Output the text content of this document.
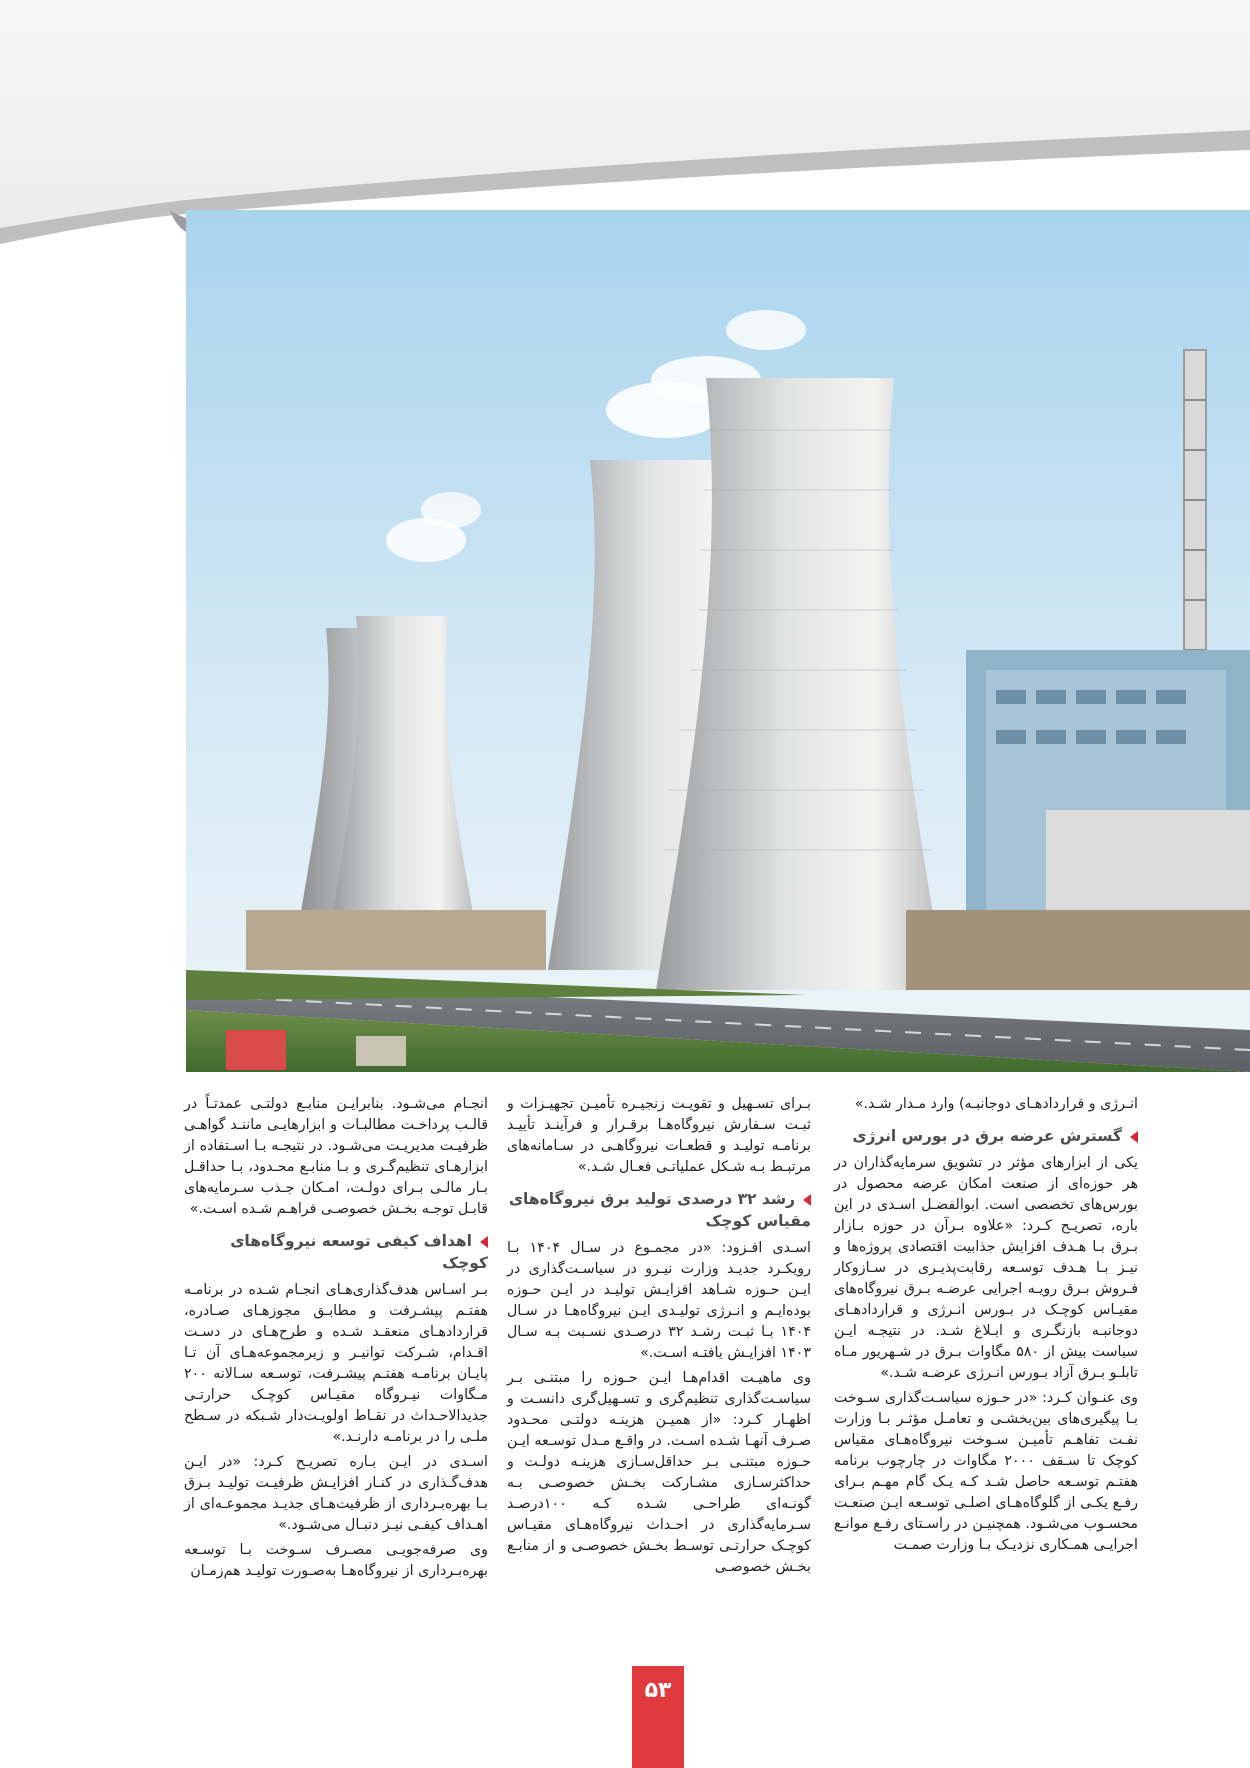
انـرژی و قراردادهـای دوجانبـه) وارد مـدار شـد.»

گسترش عرضه برق در بورس انرژی

یکی از ابزارهای مؤثر در تشویق سرمایه‌گذاران در هر حوزه‌ای از صنعت امکان عرضه محصول در بورس‌های تخصصی است. ابوالفضـل اسـدی در این باره، تصریـح کـرد: «علاوه بـرآن در حوزه بـازار بـرق بـا هـدف افزایش جذابیت اقتصادی پروژه‌ها و نیـز بـا هـدف توسـعه رقابت‌پذیـری در سـازوکار فـروش بـرق رویـه اجرایی عرضـه بـرق نیروگاه‌های مقیـاس کوچـک در بـورس انـرژی و قراردادهـای دوجانبـه بازنگـری و ابـلاغ شـد. در نتیجـه ایـن سیاست بیش از ۵۸۰ مگاوات بـرق در شـهریور مـاه تابلـو بـرق آزاد بـورس انـرژی عرضـه شـد.»

وی عنـوان کـرد: «در حـوزه سیاسـت‌گذاری سـوخت بـا پیگیری‌های بین‌بخشـی و تعامـل مؤثـر بـا وزارت نفـت تفاهـم تأمیـن سـوخت نیروگاه‌هـای مقیاس کوچک تا سـقف ۲۰۰۰ مگاوات در چارچوب برنامه هفتـم توسـعه حاصل شـد کـه یـک گام مهـم بـرای رفـع یکـی از گلوگاه‌هـای اصلـی توسـعه ایـن صنعـت محسـوب می‌شـود. همچنیـن در راسـتای رفـع موانـع اجرایـی همـکاری نزدیـک بـا وزارت صمـت

بـرای تسـهیل و تقویـت زنجیـره تأمیـن تجهیـزات و ثبـت سـفارش نیروگاه‌هـا برقـرار و فرآینـد تأییـد برنامـه تولیـد و قطعـات نیروگاهـی در سـامانه‌های مرتبـط بـه شـکل عملیاتـی فعـال شـد.»

رشد ۳۲ درصدی تولید برق نیروگاه‌های مقیاس کوچک

اسـدی افـزود: «در مجمـوع در سـال ۱۴۰۴ بـا رویکـرد جدیـد وزارت نیـرو در سیاسـت‌گذاری در ایـن حـوزه شـاهد افزایـش تولیـد در ایـن حـوزه بوده‌ایـم و انـرژی تولیـدی ایـن نیروگاه‌هـا در سـال ۱۴۰۴ بـا ثبـت رشـد ۳۲ درصـدی نسـبت بـه سـال ۱۴۰۳ افزایـش یافتـه اسـت.»

وی ماهیـت اقدام‌هـا ایـن حـوزه را مبتنـی بـر سیاسـت‌گذاری تنظیم‌گری و تسـهیل‌گری دانسـت و اظهـار کـرد: «از همیـن هزینـه دولتـی محـدود صـرف آنهـا شـده اسـت. در واقـع مـدل توسـعه ایـن حـوزه مبتنـی بـر حداقل‌سـازی هزینـه دولـت و حداکثرسـازی مشـارکت بخـش خصوصـی بـه گونـه‌ای طراحـی شـده کـه ۱۰۰درصـد سـرمایه‌گذاری در احـداث نیروگاه‌هـای مقیـاس کوچـک حرارتـی توسـط بخـش خصوصـی و از منابـع بخـش خصوصـی

انجـام می‌شـود. بنابرایـن منابـع دولتـی عمدتـاً در قالـب پرداخـت مطالبـات و ابزارهایـی ماننـد گواهـی ظرفیـت مدیریـت می‌شـود. در نتیجـه بـا اسـتفاده از ابزارهـای تنظیم‌گـری و بـا منابـع محـدود، بـا حداقـل بـار مالـی بـرای دولـت، امـکان جـذب سـرمایه‌های قابـل توجـه بخـش خصوصـی فراهـم شـده اسـت.»

اهداف کیفی توسعه نیروگاه‌های کوچک

بـر اسـاس هدف‌گذاری‌هـای انجـام شـده در برنامـه هفتـم پیشـرفت و مطابـق مجوزهـای صـادره، قراردادهـای منعقـد شـده و طرح‌هـای در دسـت اقـدام، شـرکت توانیـر و زیرمجموعه‌هـای آن تـا پایـان برنامـه هفتـم پیشـرفت، توسـعه سـالانه ۲۰۰ مـگاوات نیـروگاه مقیـاس کوچـک حرارتـی جدیدالاحـداث در نقـاط اولویـت‌دار شـبکه در سـطح ملـی را در برنامـه دارنـد.»

اسـدی در ایـن بـاره تصریـح کـرد: «در ایـن هدف‌گـذاری در کنـار افزایـش ظرفیـت تولیـد بـرق بـا بهره‌بـرداری از ظرفیت‌هـای جدیـد مجموعـه‌ای از اهـداف کیفـی نیـز دنبـال می‌شـود.»

وی صرفه‌جویـی مصـرف سـوخت بـا توسـعه بهره‌بـرداری از نیروگاه‌هـا به‌صـورت تولیـد هم‌زمـان

۵۳
